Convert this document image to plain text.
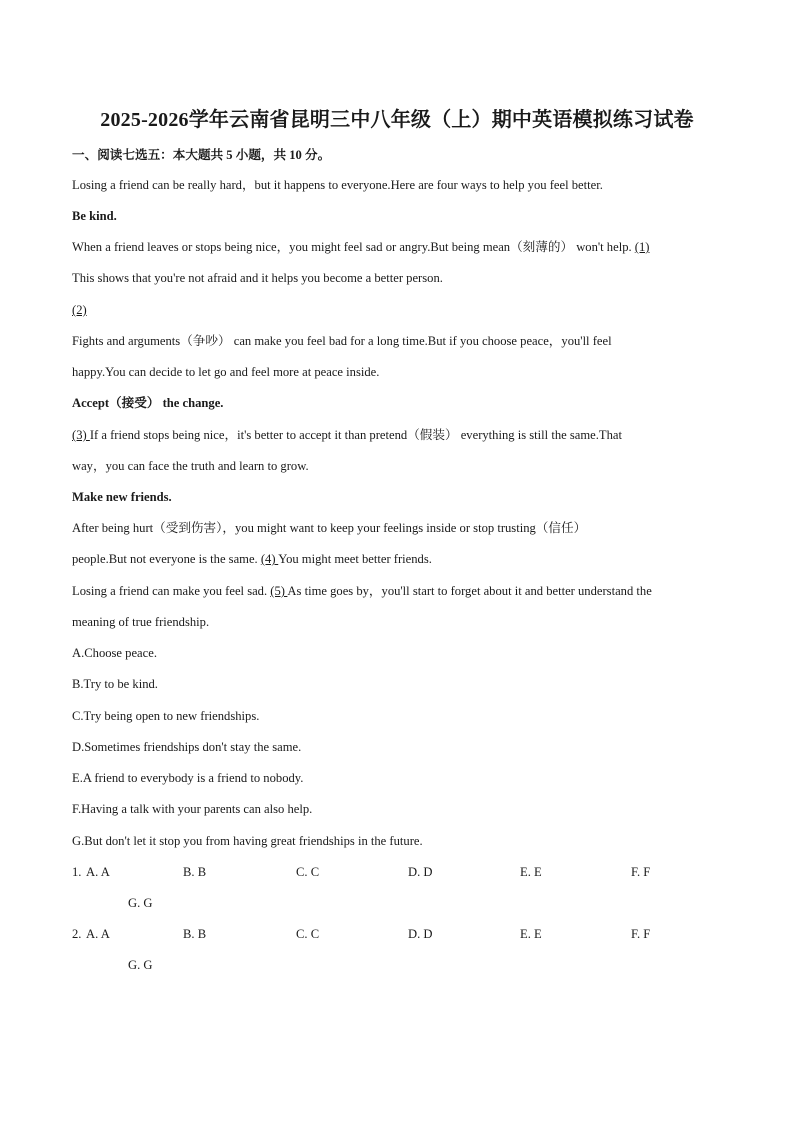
2025-2026学年云南省昆明三中八年级（上）期中英语模拟练习试卷
一、阅读七选五：本大题共 5 小题，共 10 分。
Losing a friend can be really hard，but it happens to everyone.Here are four ways to help you feel better.
Be kind.
When a friend leaves or stops being nice，you might feel sad or angry.But being mean（刻薄的） won't help. (1)
This shows that you're not afraid and it helps you become a better person.
(2)
Fights and arguments（争吵） can make you feel bad for a long time.But if you choose peace，you'll feel
happy.You can decide to let go and feel more at peace inside.
Accept（接受） the change.
(3) If a friend stops being nice，it's better to accept it than pretend（假装） everything is still the same.That
way，you can face the truth and learn to grow.
Make new friends.
After being hurt（受到伤害），you might want to keep your feelings inside or stop trusting（信任）
people.But not everyone is the same. (4) You might meet better friends.
Losing a friend can make you feel sad. (5) As time goes by，you'll start to forget about it and better understand the
meaning of true friendship.
A.Choose peace.
B.Try to be kind.
C.Try being open to new friendships.
D.Sometimes friendships don't stay the same.
E.A friend to everybody is a friend to nobody.
F.Having a talk with your parents can also help.
G.But don't let it stop you from having great friendships in the future.
1. A. A	B. B	C. C	D. D	E. E	F. F
G. G
2. A. A	B. B	C. C	D. D	E. E	F. F
G. G
